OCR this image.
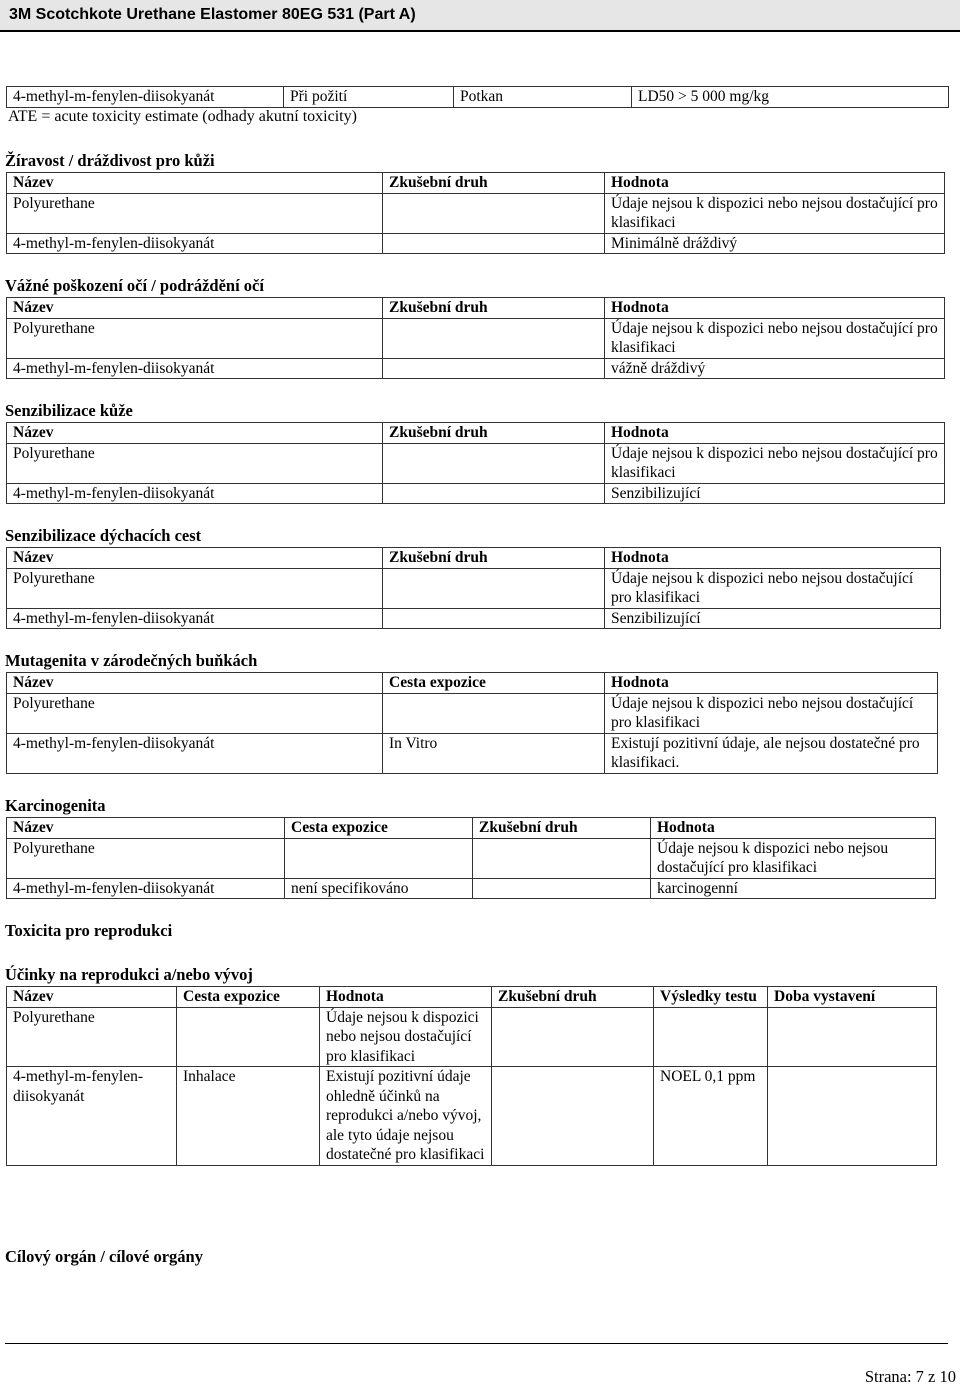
3M Scotchkote Urethane Elastomer 80EG 531 (Part A)
4-methyl-m-fenylen-diisokyanát	Při požití	Potkan	LD50 > 5 000 mg/kg
ATE = acute toxicity estimate (odhady akutní toxicity)
Žíravost / dráždivost pro kůži
Název	Zkušební druh	Hodnota
Polyurethane		Údaje nejsou k dispozici nebo nejsou dostačující pro klasifikaci
4-methyl-m-fenylen-diisokyanát		Minimálně dráždivý
Vážné poškození očí / podráždění očí
Název	Zkušební druh	Hodnota
Polyurethane		Údaje nejsou k dispozici nebo nejsou dostačující pro klasifikaci
4-methyl-m-fenylen-diisokyanát		vážně dráždivý
Senzibilizace kůže
Název	Zkušební druh	Hodnota
Polyurethane		Údaje nejsou k dispozici nebo nejsou dostačující pro klasifikaci
4-methyl-m-fenylen-diisokyanát		Senzibilizující
Senzibilizace dýchacích cest
Název	Zkušební druh	Hodnota
Polyurethane		Údaje nejsou k dispozici nebo nejsou dostačující pro klasifikaci
4-methyl-m-fenylen-diisokyanát		Senzibilizující
Mutagenita v zárodečných buňkách
Název	Cesta expozice	Hodnota
Polyurethane		Údaje nejsou k dispozici nebo nejsou dostačující pro klasifikaci
4-methyl-m-fenylen-diisokyanát	In Vitro	Existují pozitivní údaje, ale nejsou dostatečné pro klasifikaci.
Karcinogenita
Název	Cesta expozice	Zkušební druh	Hodnota
Polyurethane			Údaje nejsou k dispozici nebo nejsou dostačující pro klasifikaci
4-methyl-m-fenylen-diisokyanát	není specifikováno		karcinogenní
Toxicita pro reprodukci
Účinky na reprodukci a/nebo vývoj
Název	Cesta expozice	Hodnota	Zkušební druh	Výsledky testu	Doba vystavení
Polyurethane		Údaje nejsou k dispozici nebo nejsou dostačující pro klasifikaci			
4-methyl-m-fenylen-diisokyanát	Inhalace	Existují pozitivní údaje ohledně účinků na reprodukci a/nebo vývoj, ale tyto údaje nejsou dostatečné pro klasifikaci		NOEL 0,1 ppm	
Cílový orgán / cílové orgány
Strana: 7 z 10
